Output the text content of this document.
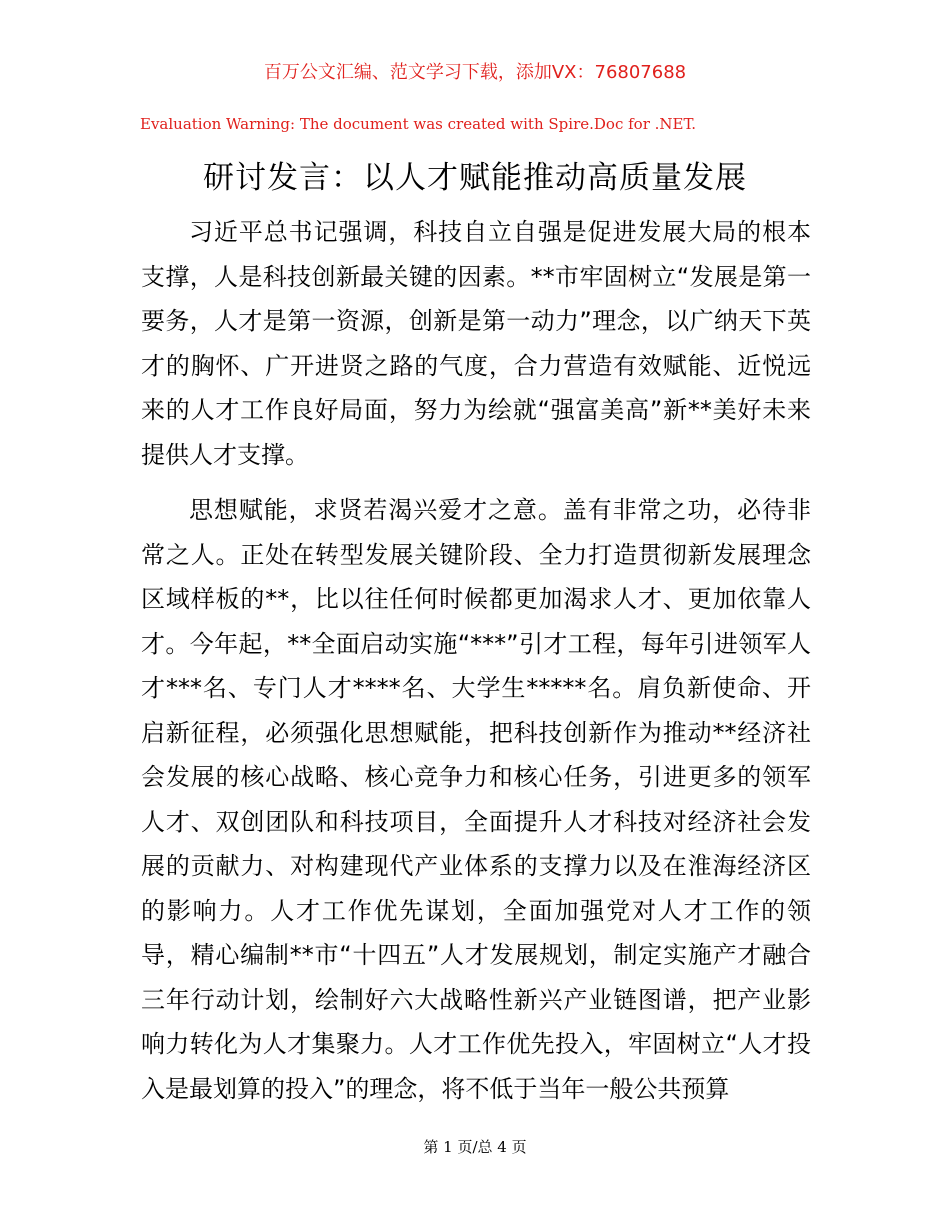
百万公文汇编、范文学习下载，添加VX：76807688
Evaluation Warning: The document was created with Spire.Doc for .NET.
研讨发言：以人才赋能推动高质量发展

习近平总书记强调，科技自立自强是促进发展大局的根本支撑，人是科技创新最关键的因素。**市牢固树立“发展是第一要务，人才是第一资源，创新是第一动力”理念，以广纳天下英才的胸怀、广开进贤之路的气度，合力营造有效赋能、近悦远来的人才工作良好局面，努力为绘就“强富美高”新**美好未来提供人才支撑。

思想赋能，求贤若渴兴爱才之意。盖有非常之功，必待非常之人。正处在转型发展关键阶段、全力打造贯彻新发展理念区域样板的**，比以往任何时候都更加渴求人才、更加依靠人才。今年起，**全面启动实施“***”引才工程，每年引进领军人才***名、专门人才****名、大学生*****名。肩负新使命、开启新征程，必须强化思想赋能，把科技创新作为推动**经济社会发展的核心战略、核心竞争力和核心任务，引进更多的领军人才、双创团队和科技项目，全面提升人才科技对经济社会发展的贡献力、对构建现代产业体系的支撑力以及在淮海经济区的影响力。人才工作优先谋划，全面加强党对人才工作的领导，精心编制**市“十四五”人才发展规划，制定实施产才融合三年行动计划，绘制好六大战略性新兴产业链图谱，把产业影响力转化为人才集聚力。人才工作优先投入，牢固树立“人才投入是最划算的投入”的理念，将不低于当年一般公共预算

第 1 页/总 4 页
